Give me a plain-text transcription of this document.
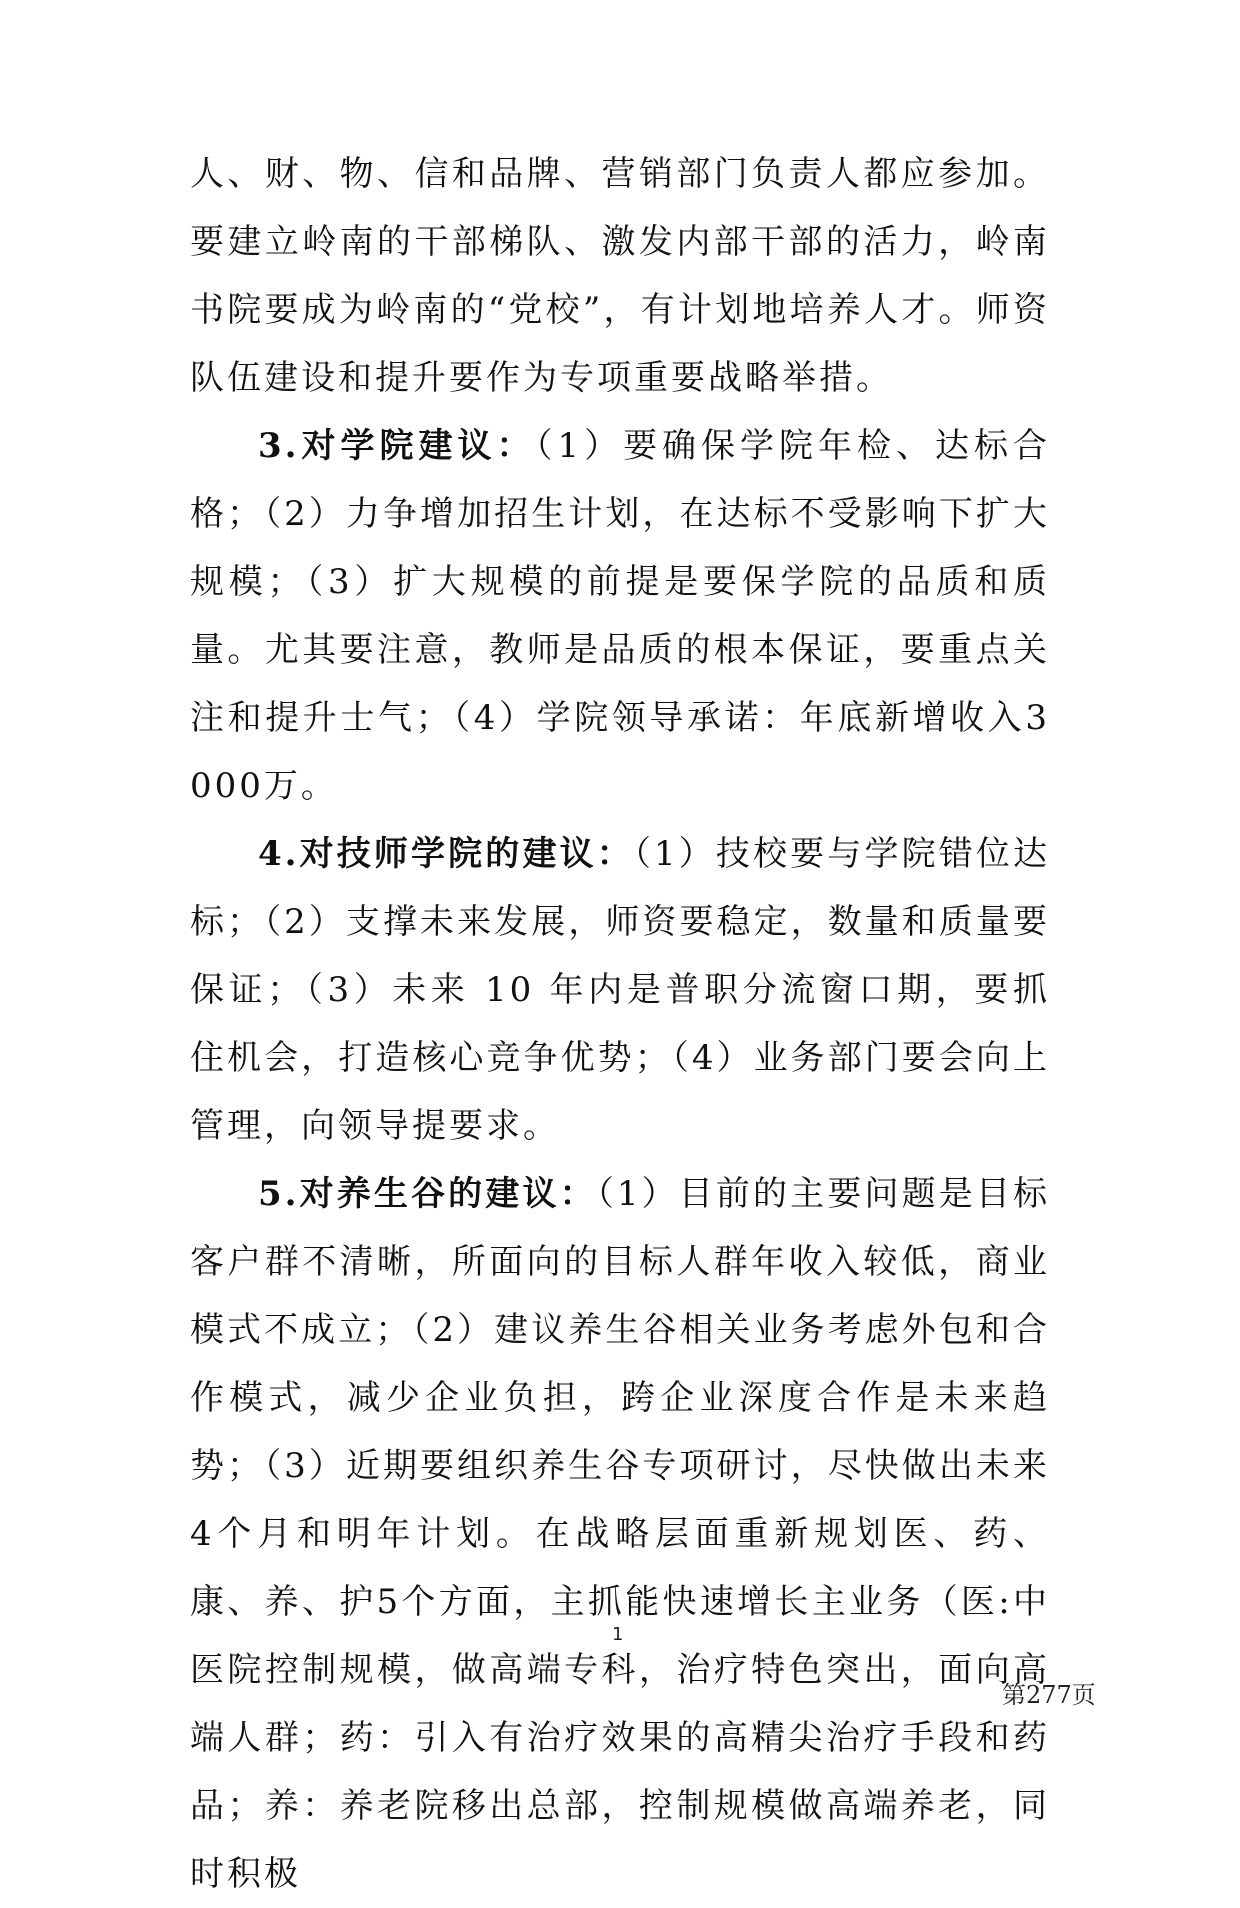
人、财、物、信和品牌、营销部门负责人都应参加。要建立岭南的干部梯队、激发内部干部的活力，岭南书院要成为岭南的“党校”，有计划地培养人才。师资队伍建设和提升要作为专项重要战略举措。

3.对学院建议：（1）要确保学院年检、达标合格；（2）力争增加招生计划，在达标不受影响下扩大规模；（3）扩大规模的前提是要保学院的品质和质量。尤其要注意，教师是品质的根本保证，要重点关注和提升士气；（4）学院领导承诺：年底新增收入3000万。

4.对技师学院的建议：（1）技校要与学院错位达标；（2）支撑未来发展，师资要稳定，数量和质量要保证；（3）未来 10 年内是普职分流窗口期，要抓住机会，打造核心竞争优势；（4）业务部门要会向上管理，向领导提要求。

5.对养生谷的建议：（1）目前的主要问题是目标客户群不清晰，所面向的目标人群年收入较低，商业模式不成立；（2）建议养生谷相关业务考虑外包和合作模式，减少企业负担，跨企业深度合作是未来趋势；（3）近期要组织养生谷专项研讨，尽快做出未来4个月和明年计划。在战略层面重新规划医、药、康、养、护5个方面，主抓能快速增长主业务（医:中医院控制规模，做高端专科，治疗特色突出，面向高端人群；药：引入有治疗效果的高精尖治疗手段和药品；养：养老院移出总部，控制规模做高端养老，同时积极

1
第277页
